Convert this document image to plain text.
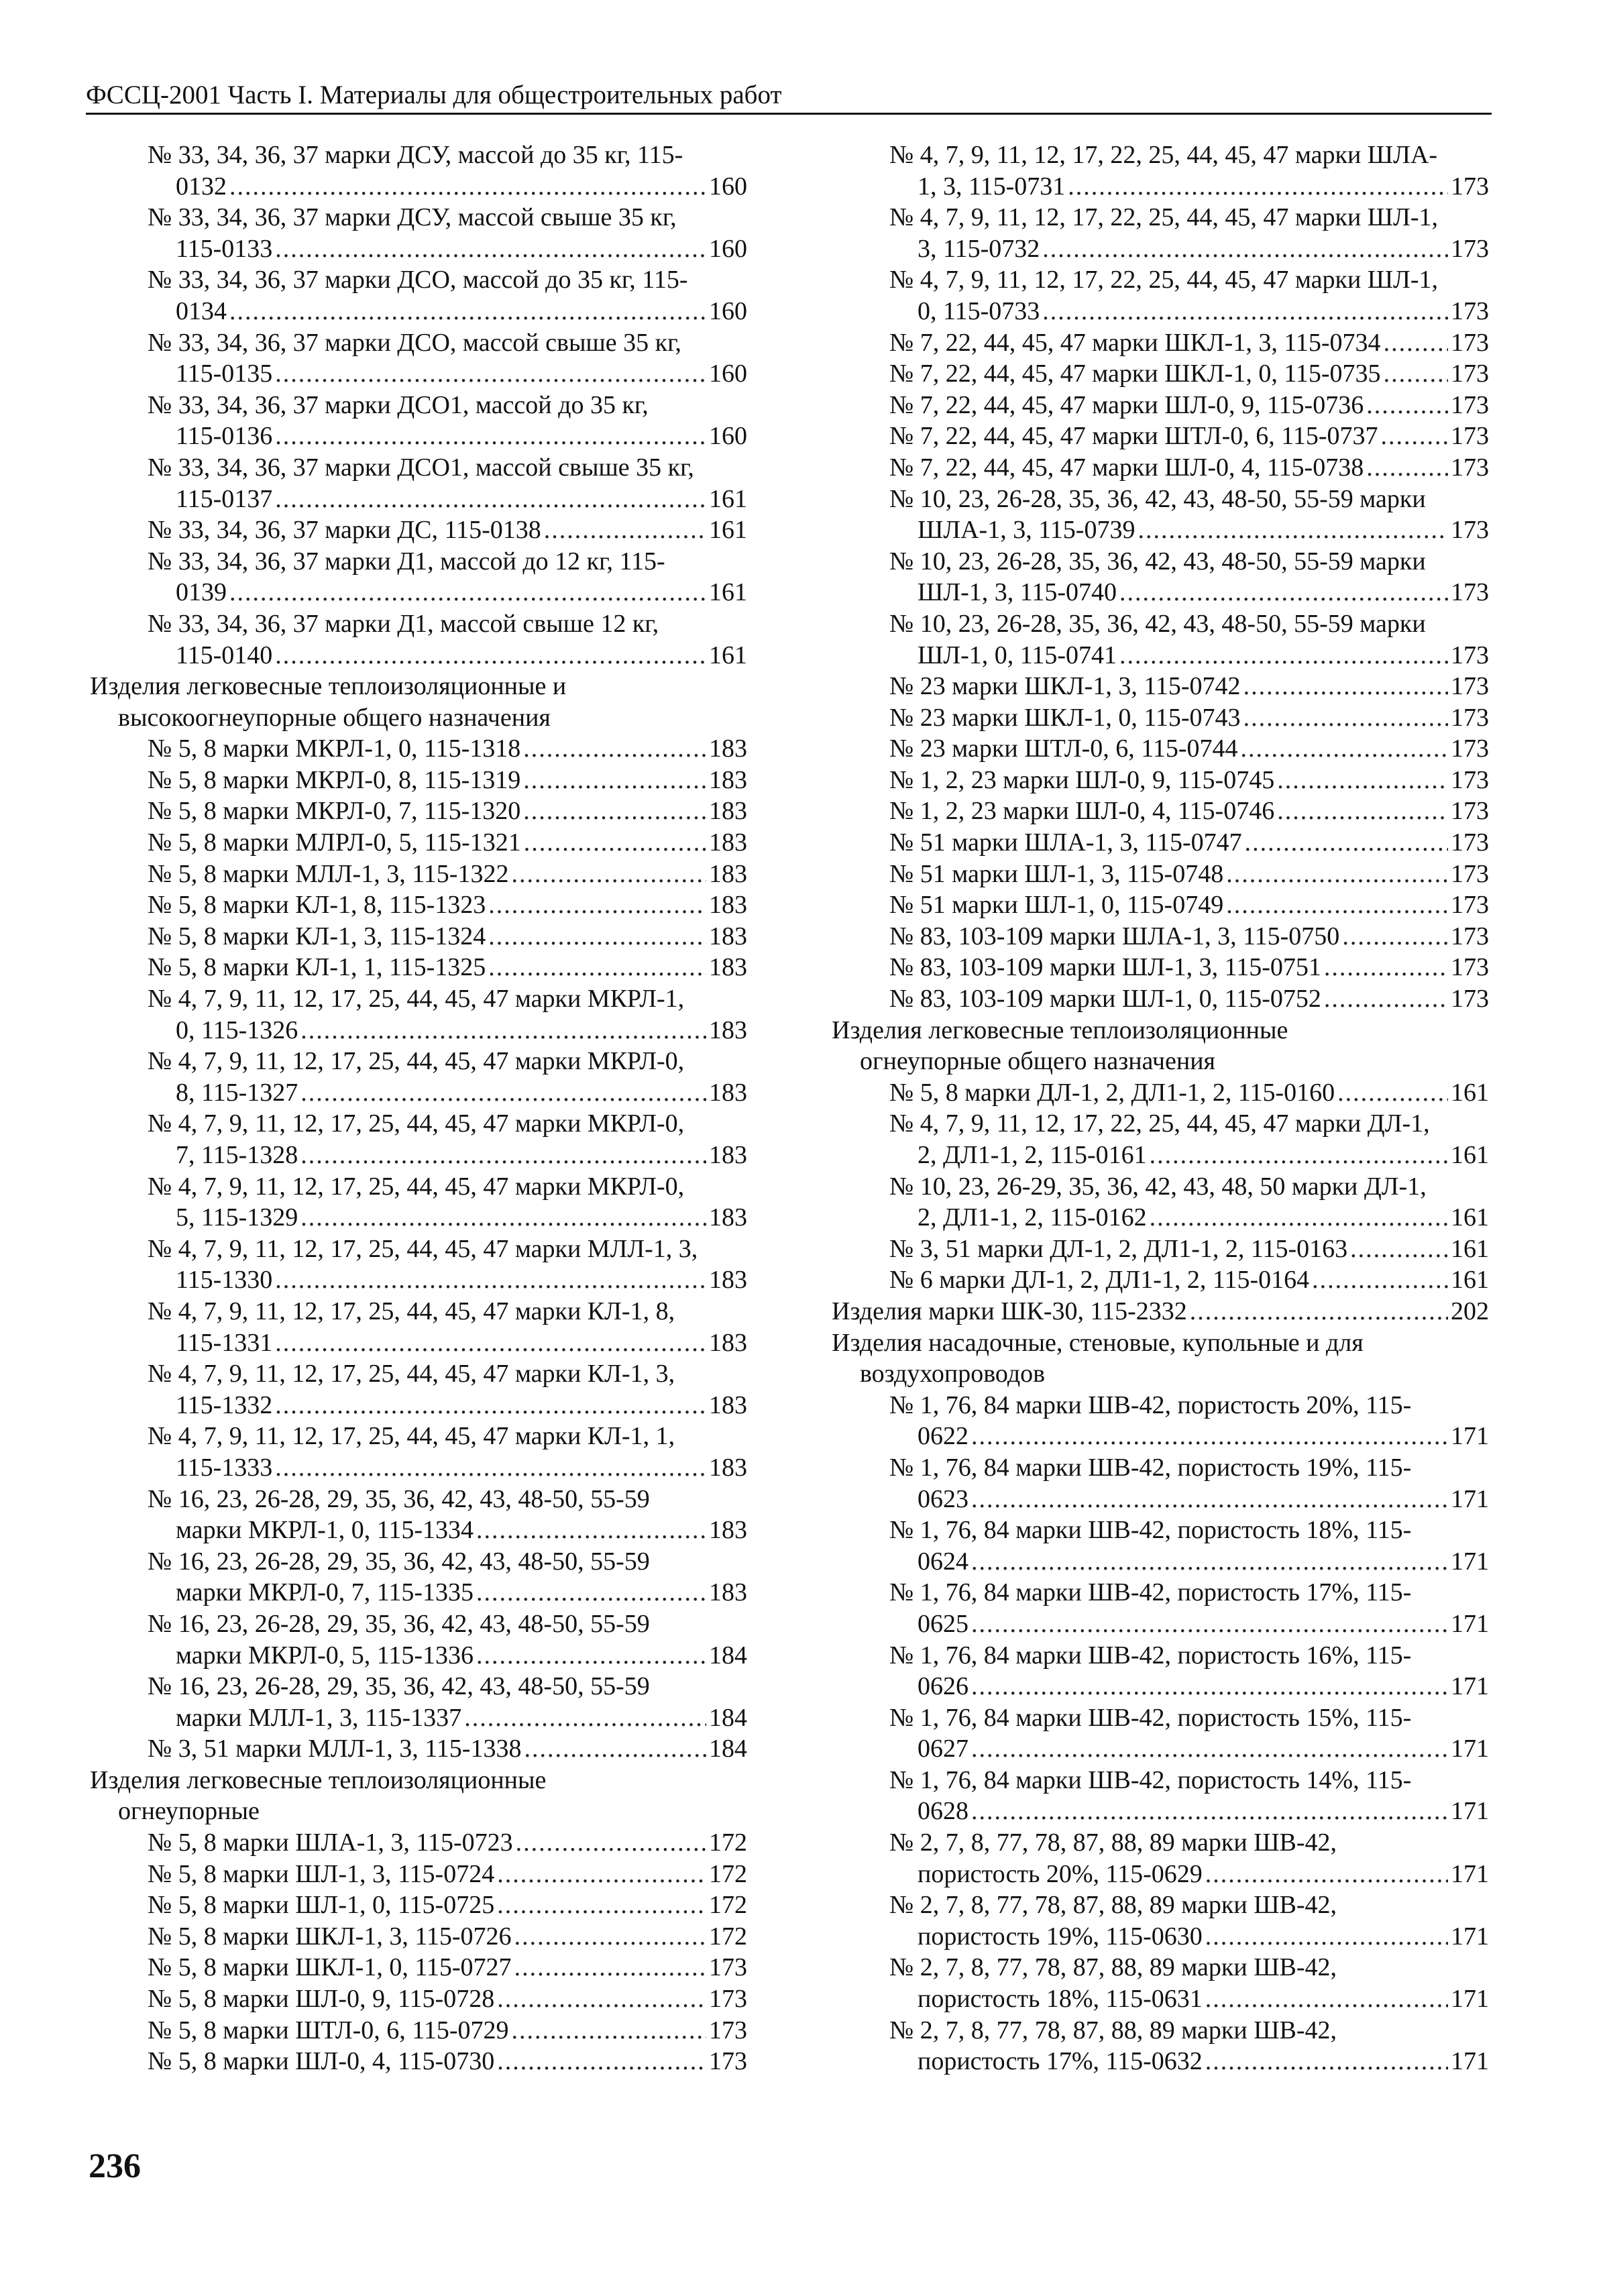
ФССЦ-2001 Часть I. Материалы для общестроительных работ
№ 33, 34, 36, 37 марки ДСУ, массой до 35 кг, 115-
0132 .....	160
№ 33, 34, 36, 37 марки ДСУ, массой свыше 35 кг,
115-0133 .....	160
№ 33, 34, 36, 37 марки ДСО, массой до 35 кг, 115-
0134 .....	160
№ 33, 34, 36, 37 марки ДСО, массой свыше 35 кг,
115-0135 .....	160
№ 33, 34, 36, 37 марки ДСО1, массой до 35 кг,
115-0136 .....	160
№ 33, 34, 36, 37 марки ДСО1, массой свыше 35 кг,
115-0137 .....	161
№ 33, 34, 36, 37 марки ДС, 115-0138 .....	161
№ 33, 34, 36, 37 марки Д1, массой до 12 кг, 115-
0139 .....	161
№ 33, 34, 36, 37 марки Д1, массой свыше 12 кг,
115-0140 .....	161
Изделия легковесные теплоизоляционные и
высокоогнеупорные общего назначения
№ 5, 8 марки МКРЛ-1, 0, 115-1318 .....	183
№ 5, 8 марки МКРЛ-0, 8, 115-1319 .....	183
№ 5, 8 марки МКРЛ-0, 7, 115-1320 .....	183
№ 5, 8 марки МЛРЛ-0, 5, 115-1321 .....	183
№ 5, 8 марки МЛЛ-1, 3, 115-1322 .....	183
№ 5, 8 марки КЛ-1, 8, 115-1323 .....	183
№ 5, 8 марки КЛ-1, 3, 115-1324 .....	183
№ 5, 8 марки КЛ-1, 1, 115-1325 .....	183
№ 4, 7, 9, 11, 12, 17, 25, 44, 45, 47 марки МКРЛ-1,
0, 115-1326 .....	183
№ 4, 7, 9, 11, 12, 17, 25, 44, 45, 47 марки МКРЛ-0,
8, 115-1327 .....	183
№ 4, 7, 9, 11, 12, 17, 25, 44, 45, 47 марки МКРЛ-0,
7, 115-1328 .....	183
№ 4, 7, 9, 11, 12, 17, 25, 44, 45, 47 марки МКРЛ-0,
5, 115-1329 .....	183
№ 4, 7, 9, 11, 12, 17, 25, 44, 45, 47 марки МЛЛ-1, 3,
115-1330 .....	183
№ 4, 7, 9, 11, 12, 17, 25, 44, 45, 47 марки КЛ-1, 8,
115-1331 .....	183
№ 4, 7, 9, 11, 12, 17, 25, 44, 45, 47 марки КЛ-1, 3,
115-1332 .....	183
№ 4, 7, 9, 11, 12, 17, 25, 44, 45, 47 марки КЛ-1, 1,
115-1333 .....	183
№ 16, 23, 26-28, 29, 35, 36, 42, 43, 48-50, 55-59
марки МКРЛ-1, 0, 115-1334 .....	183
№ 16, 23, 26-28, 29, 35, 36, 42, 43, 48-50, 55-59
марки МКРЛ-0, 7, 115-1335 .....	183
№ 16, 23, 26-28, 29, 35, 36, 42, 43, 48-50, 55-59
марки МКРЛ-0, 5, 115-1336 .....	184
№ 16, 23, 26-28, 29, 35, 36, 42, 43, 48-50, 55-59
марки МЛЛ-1, 3, 115-1337 .....	184
№ 3, 51 марки МЛЛ-1, 3, 115-1338 .....	184
Изделия легковесные теплоизоляционные
огнеупорные
№ 5, 8 марки ШЛА-1, 3, 115-0723 .....	172
№ 5, 8 марки ШЛ-1, 3, 115-0724 .....	172
№ 5, 8 марки ШЛ-1, 0, 115-0725 .....	172
№ 5, 8 марки ШКЛ-1, 3, 115-0726 .....	172
№ 5, 8 марки ШКЛ-1, 0, 115-0727 .....	173
№ 5, 8 марки ШЛ-0, 9, 115-0728 .....	173
№ 5, 8 марки ШТЛ-0, 6, 115-0729 .....	173
№ 5, 8 марки ШЛ-0, 4, 115-0730 .....	173
№ 4, 7, 9, 11, 12, 17, 22, 25, 44, 45, 47 марки ШЛА-
1, 3, 115-0731 .....	173
№ 4, 7, 9, 11, 12, 17, 22, 25, 44, 45, 47 марки ШЛ-1,
3, 115-0732 .....	173
№ 4, 7, 9, 11, 12, 17, 22, 25, 44, 45, 47 марки ШЛ-1,
0, 115-0733 .....	173
№ 7, 22, 44, 45, 47 марки ШКЛ-1, 3, 115-0734 .....	173
№ 7, 22, 44, 45, 47 марки ШКЛ-1, 0, 115-0735 .....	173
№ 7, 22, 44, 45, 47 марки ШЛ-0, 9, 115-0736 .....	173
№ 7, 22, 44, 45, 47 марки ШТЛ-0, 6, 115-0737 .....	173
№ 7, 22, 44, 45, 47 марки ШЛ-0, 4, 115-0738 .....	173
№ 10, 23, 26-28, 35, 36, 42, 43, 48-50, 55-59 марки
ШЛА-1, 3, 115-0739 .....	173
№ 10, 23, 26-28, 35, 36, 42, 43, 48-50, 55-59 марки
ШЛ-1, 3, 115-0740 .....	173
№ 10, 23, 26-28, 35, 36, 42, 43, 48-50, 55-59 марки
ШЛ-1, 0, 115-0741 .....	173
№ 23 марки ШКЛ-1, 3, 115-0742 .....	173
№ 23 марки ШКЛ-1, 0, 115-0743 .....	173
№ 23 марки ШТЛ-0, 6, 115-0744 .....	173
№ 1, 2, 23 марки ШЛ-0, 9, 115-0745 .....	173
№ 1, 2, 23 марки ШЛ-0, 4, 115-0746 .....	173
№ 51 марки ШЛА-1, 3, 115-0747 .....	173
№ 51 марки ШЛ-1, 3, 115-0748 .....	173
№ 51 марки ШЛ-1, 0, 115-0749 .....	173
№ 83, 103-109 марки ШЛА-1, 3, 115-0750 .....	173
№ 83, 103-109 марки ШЛ-1, 3, 115-0751 .....	173
№ 83, 103-109 марки ШЛ-1, 0, 115-0752 .....	173
Изделия легковесные теплоизоляционные
огнеупорные общего назначения
№ 5, 8 марки ДЛ-1, 2, ДЛ1-1, 2, 115-0160 .....	161
№ 4, 7, 9, 11, 12, 17, 22, 25, 44, 45, 47 марки ДЛ-1,
2, ДЛ1-1, 2, 115-0161 .....	161
№ 10, 23, 26-29, 35, 36, 42, 43, 48, 50 марки ДЛ-1,
2, ДЛ1-1, 2, 115-0162 .....	161
№ 3, 51 марки ДЛ-1, 2, ДЛ1-1, 2, 115-0163 .....	161
№ 6 марки ДЛ-1, 2, ДЛ1-1, 2, 115-0164 .....	161
Изделия марки ШК-30, 115-2332 .....	202
Изделия насадочные, стеновые, купольные и для
воздухопроводов
№ 1, 76, 84 марки ШВ-42, пористость 20%, 115-
0622 .....	171
№ 1, 76, 84 марки ШВ-42, пористость 19%, 115-
0623 .....	171
№ 1, 76, 84 марки ШВ-42, пористость 18%, 115-
0624 .....	171
№ 1, 76, 84 марки ШВ-42, пористость 17%, 115-
0625 .....	171
№ 1, 76, 84 марки ШВ-42, пористость 16%, 115-
0626 .....	171
№ 1, 76, 84 марки ШВ-42, пористость 15%, 115-
0627 .....	171
№ 1, 76, 84 марки ШВ-42, пористость 14%, 115-
0628 .....	171
№ 2, 7, 8, 77, 78, 87, 88, 89 марки ШВ-42,
пористость 20%, 115-0629 .....	171
№ 2, 7, 8, 77, 78, 87, 88, 89 марки ШВ-42,
пористость 19%, 115-0630 .....	171
№ 2, 7, 8, 77, 78, 87, 88, 89 марки ШВ-42,
пористость 18%, 115-0631 .....	171
№ 2, 7, 8, 77, 78, 87, 88, 89 марки ШВ-42,
пористость 17%, 115-0632 .....	171
236
